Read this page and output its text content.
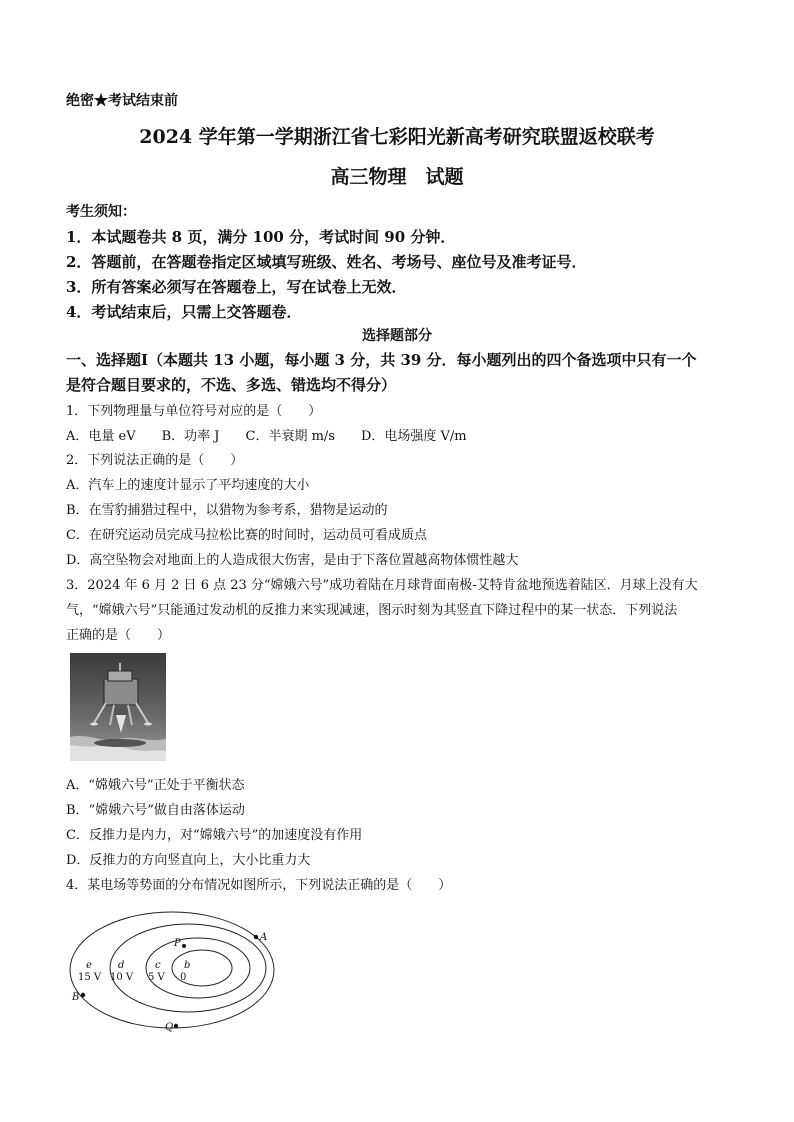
绝密★考试结束前
2024 学年第一学期浙江省七彩阳光新高考研究联盟返校联考
高三物理　试题
考生须知：
1．本试题卷共 8 页，满分 100 分，考试时间 90 分钟．
2．答题前，在答题卷指定区域填写班级、姓名、考场号、座位号及准考证号．
3．所有答案必须写在答题卷上，写在试卷上无效．
4．考试结束后，只需上交答题卷．
选择题部分
一、选择题Ⅰ（本题共 13 小题，每小题 3 分，共 39 分．每小题列出的四个备选项中只有一个
是符合题目要求的，不选、多选、错选均不得分）
1．下列物理量与单位符号对应的是（　　）
A．电量 eV　　B．功率 J　　C．半衰期 m/s　　D．电场强度 V/m
2．下列说法正确的是（　　）
A．汽车上的速度计显示了平均速度的大小
B．在雪豹捕猎过程中，以猎物为参考系，猎物是运动的
C．在研究运动员完成马拉松比赛的时间时，运动员可看成质点
D．高空坠物会对地面上的人造成很大伤害，是由于下落位置越高物体惯性越大
3．2024 年 6 月 2 日 6 点 23 分“嫦娥六号”成功着陆在月球背面南极-艾特肯盆地预选着陆区．月球上没有大
气，“嫦娥六号”只能通过发动机的反推力来实现减速，图示时刻为其竖直下降过程中的某一状态．下列说法
正确的是（　　）
A．“嫦娥六号”正处于平衡状态
B．“嫦娥六号”做自由落体运动
C．反推力是内力，对“嫦娥六号”的加速度没有作用
D．反推力的方向竖直向上，大小比重力大
4．某电场等势面的分布情况如图所示，下列说法正确的是（　　）
e
15 V
d
10 V
c
5 V
b
0
P
A
B
Q
